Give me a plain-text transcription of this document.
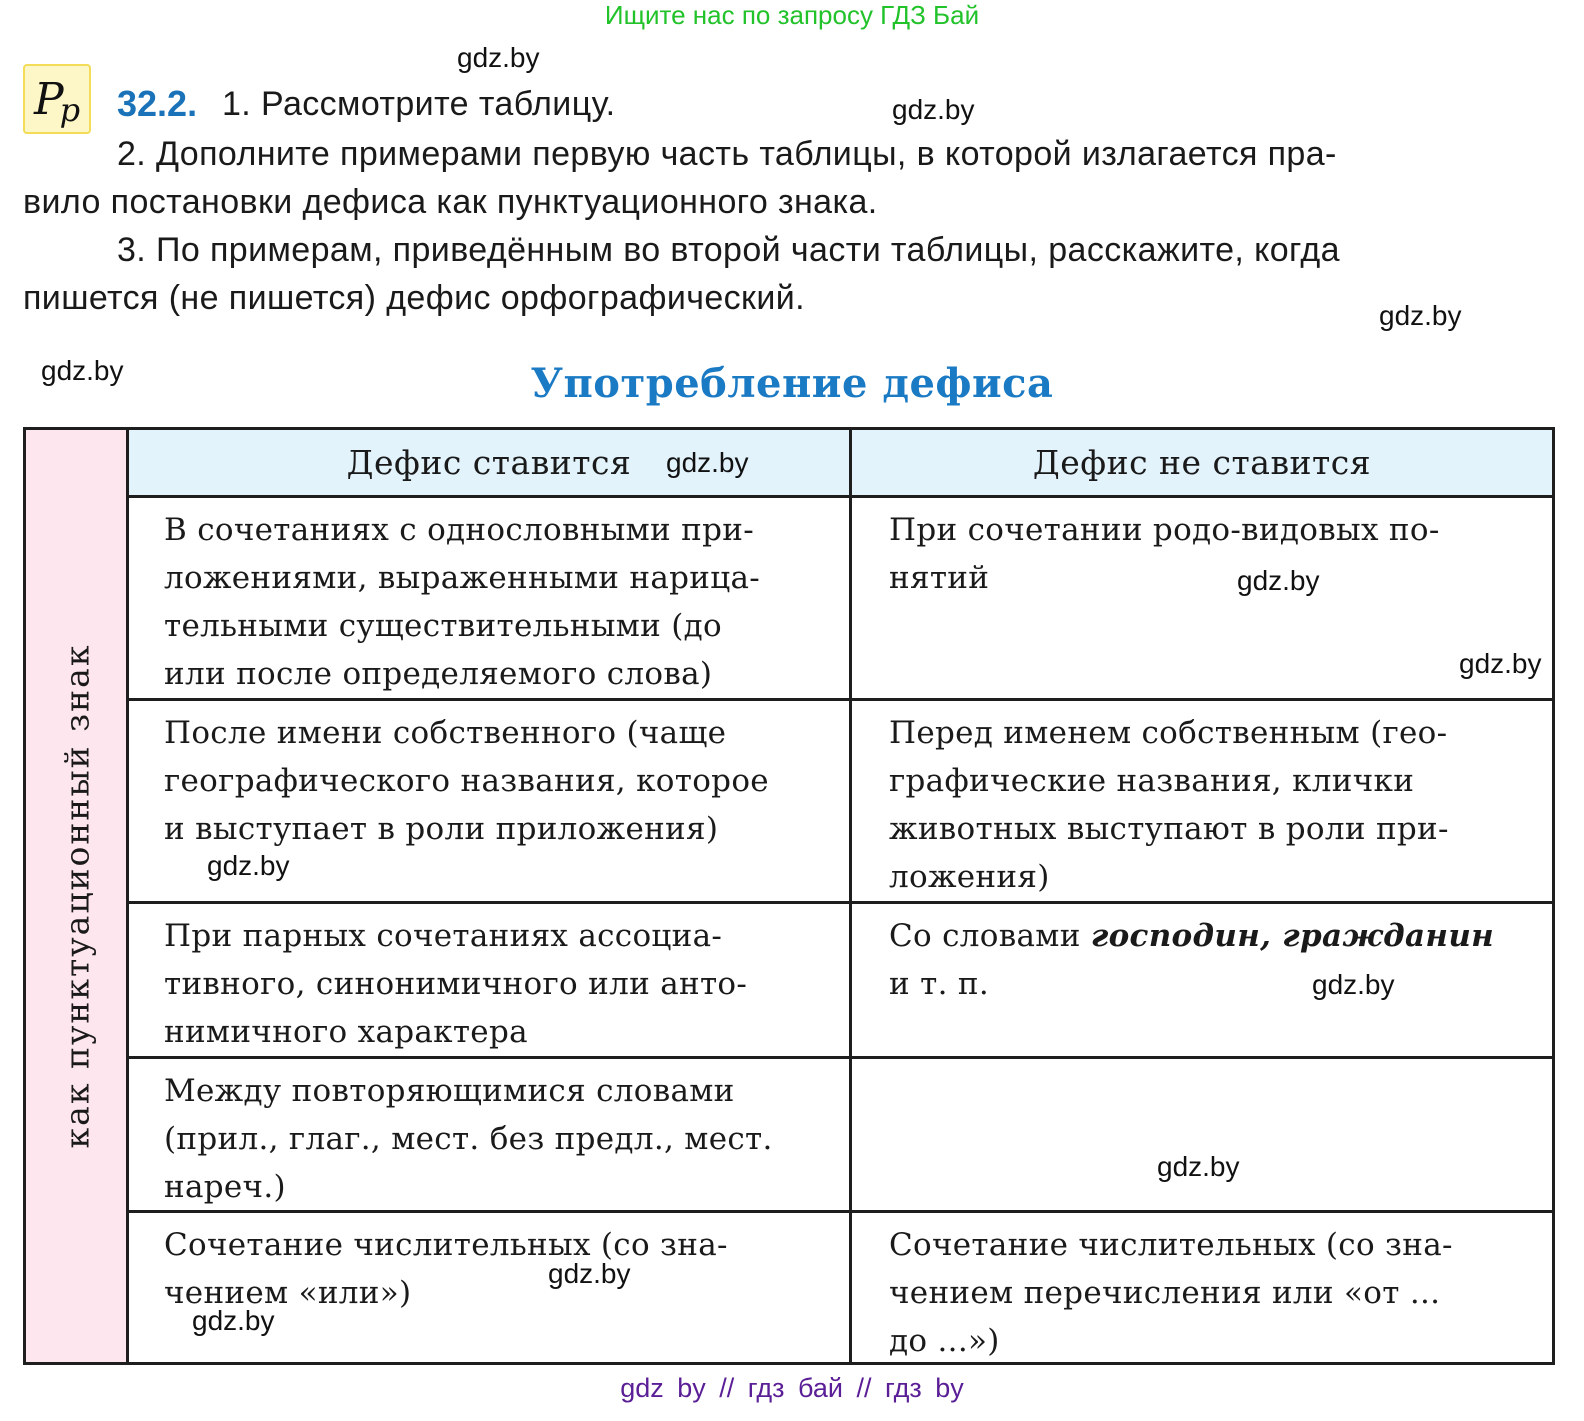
Ищите нас по запросу ГДЗ Бай
gdz.by
gdz.by
gdz.by
gdz.by
P
p 32.2. 1. Рассмотрите таблицу.
2. Дополните примерами первую часть таблицы, в которой излагается пра-
вило постановки дефиса как пунктуационного знака.
3. По примерам, приведённым во второй части таблицы, расскажите, когда
пишется (не пишется) дефис орфографический.
Употребление дефиса
как пунктуационный знак
Дефис ставится	Дефис не ставится
В сочетаниях с однословными при-
ложениями, выраженными нарица-
тельными существительными (до
или после определяемого слова)
При сочетании родо-видовых по-
нятий
После имени собственного (чаще
географического названия, которое
и выступает в роли приложения)
Перед именем собственным (гео-
графические названия, клички
животных выступают в роли при-
ложения)
При парных сочетаниях ассоциа-
тивного, синонимичного или анто-
нимичного характера
Со словами господин, гражданин
и т. п.
Между повторяющимися словами
(прил., глаг., мест. без предл., мест.
нареч.)
Сочетание числительных (со зна-
чением «или»)
Сочетание числительных (со зна-
чением перечисления или «от ...
до ...»)
gdz.by
gdz.by
gdz.by
gdz.by
gdz.by
gdz.by
gdz.by
gdz.by
gdz by // гдз бай // гдз by
